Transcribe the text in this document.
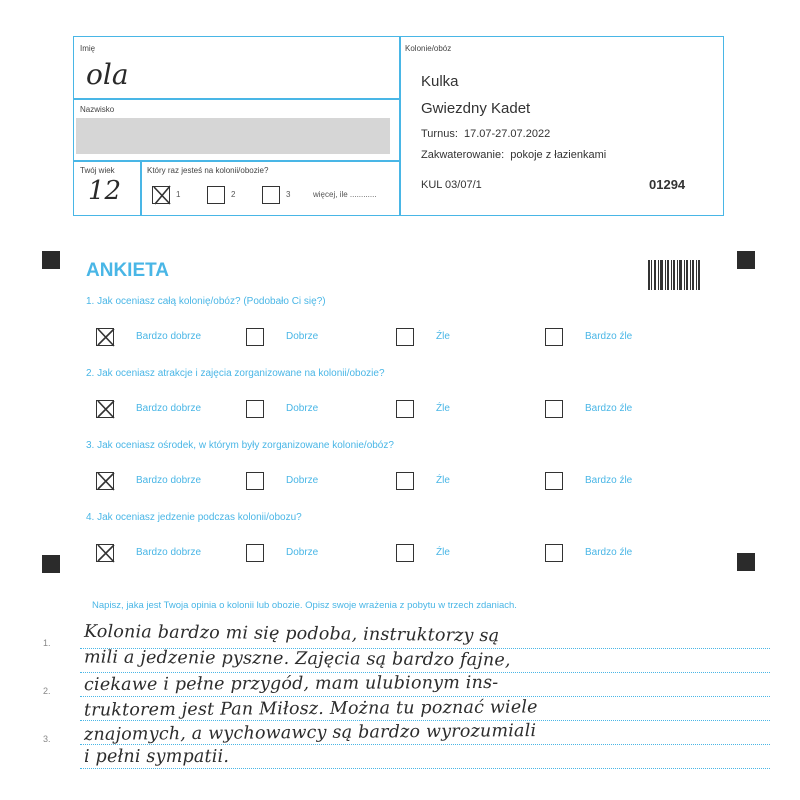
Imię
ola
Nazwisko
Twój wiek
12
Który raz jesteś na kolonii/obozie?
1	2	3	więcej, ile ............
Kolonie/obóz
Kulka
Gwiezdny Kadet
Turnus: 17.07-27.07.2022
Zakwaterowanie: pokoje z łazienkami
KUL 03/07/1	01294
ANKIETA
1. Jak oceniasz całą kolonię/obóz? (Podobało Ci się?)
Bardzo dobrze	Dobrze	Źle	Bardzo źle
2. Jak oceniasz atrakcje i zajęcia zorganizowane na kolonii/obozie?
Bardzo dobrze	Dobrze	Źle	Bardzo źle
3. Jak oceniasz ośrodek, w którym były zorganizowane kolonie/obóz?
Bardzo dobrze	Dobrze	Źle	Bardzo źle
4. Jak oceniasz jedzenie podczas kolonii/obozu?
Bardzo dobrze	Dobrze	Źle	Bardzo źle
Napisz, jaka jest Twoja opinia o kolonii lub obozie. Opisz swoje wrażenia z pobytu w trzech zdaniach.
1.
2.
3.
Kolonia bardzo mi się podoba, instruktorzy są
mili a jedzenie pyszne. Zajęcia są bardzo fajne,
ciekawe i pełne przygód, mam ulubionym ins-
truktorem jest Pan Miłosz. Można tu poznać wiele
znajomych, a wychowawcy są bardzo wyrozumiali
i pełni sympatii.
